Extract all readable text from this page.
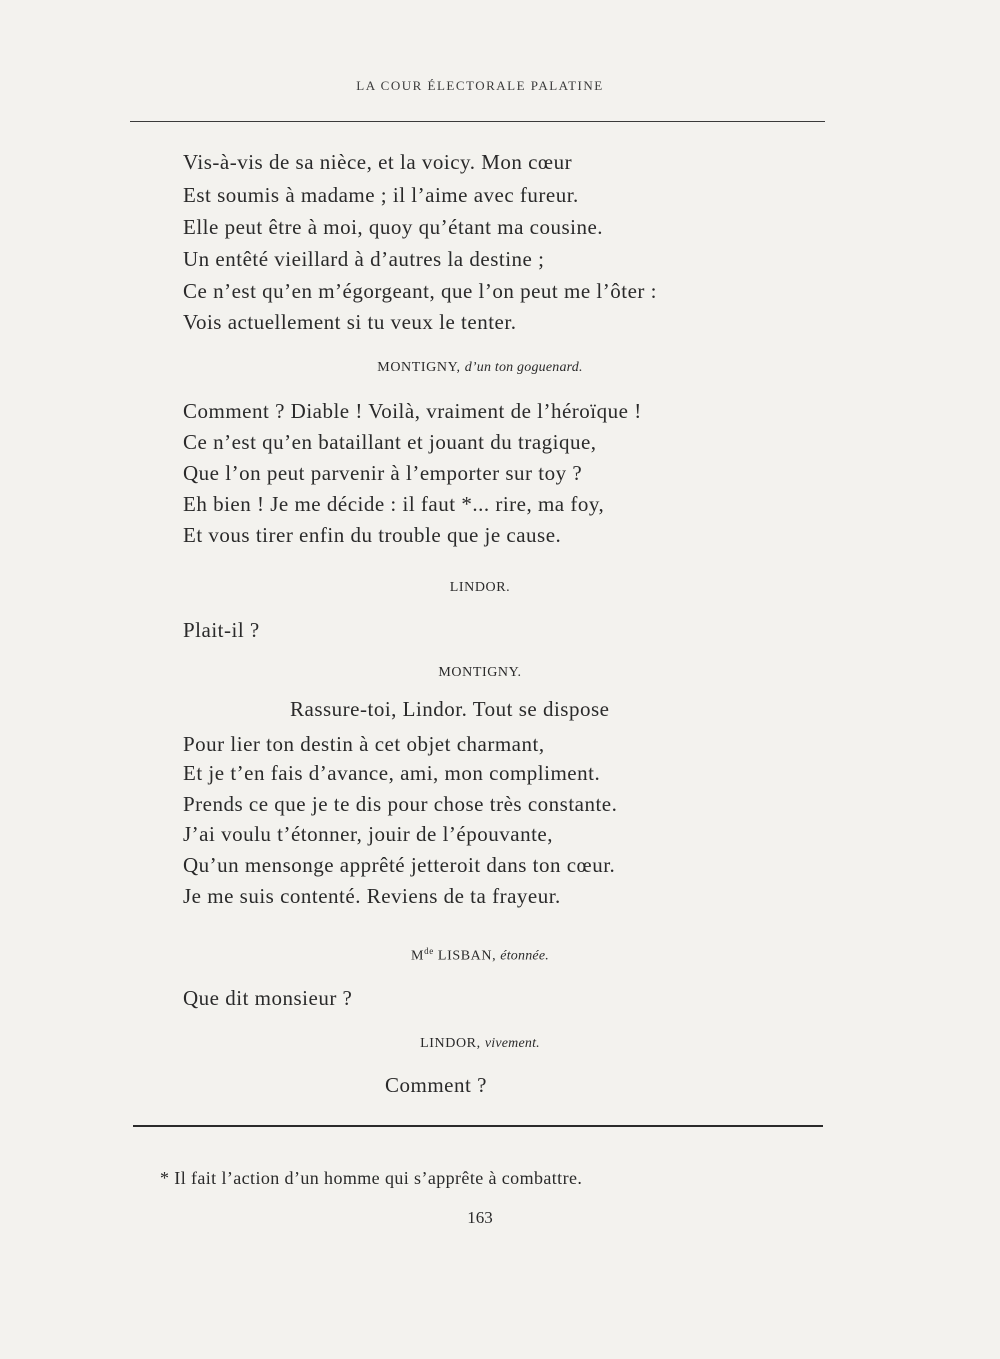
LA COUR ÉLECTORALE PALATINE
Vis-à-vis de sa nièce, et la voicy. Mon cœur
Est soumis à madame ; il l’aime avec fureur.
Elle peut être à moi, quoy qu’étant ma cousine.
Un entêté vieillard à d’autres la destine ;
Ce n’est qu’en m’égorgeant, que l’on peut me l’ôter :
Vois actuellement si tu veux le tenter.
MONTIGNY, d’un ton goguenard.
Comment ? Diable ! Voilà, vraiment de l’héroïque !
Ce n’est qu’en bataillant et jouant du tragique,
Que l’on peut parvenir à l’emporter sur toy ?
Eh bien ! Je me décide : il faut *... rire, ma foy,
Et vous tirer enfin du trouble que je cause.
LINDOR.
Plait-il ?
MONTIGNY.
Rassure-toi, Lindor. Tout se dispose
Pour lier ton destin à cet objet charmant,
Et je t’en fais d’avance, ami, mon compliment.
Prends ce que je te dis pour chose très constante.
J’ai voulu t’étonner, jouir de l’épouvante,
Qu’un mensonge apprêté jetteroit dans ton cœur.
Je me suis contenté. Reviens de ta frayeur.
Mde LISBAN, étonnée.
Que dit monsieur ?
LINDOR, vivement.
Comment ?
* Il fait l’action d’un homme qui s’apprête à combattre.
163
